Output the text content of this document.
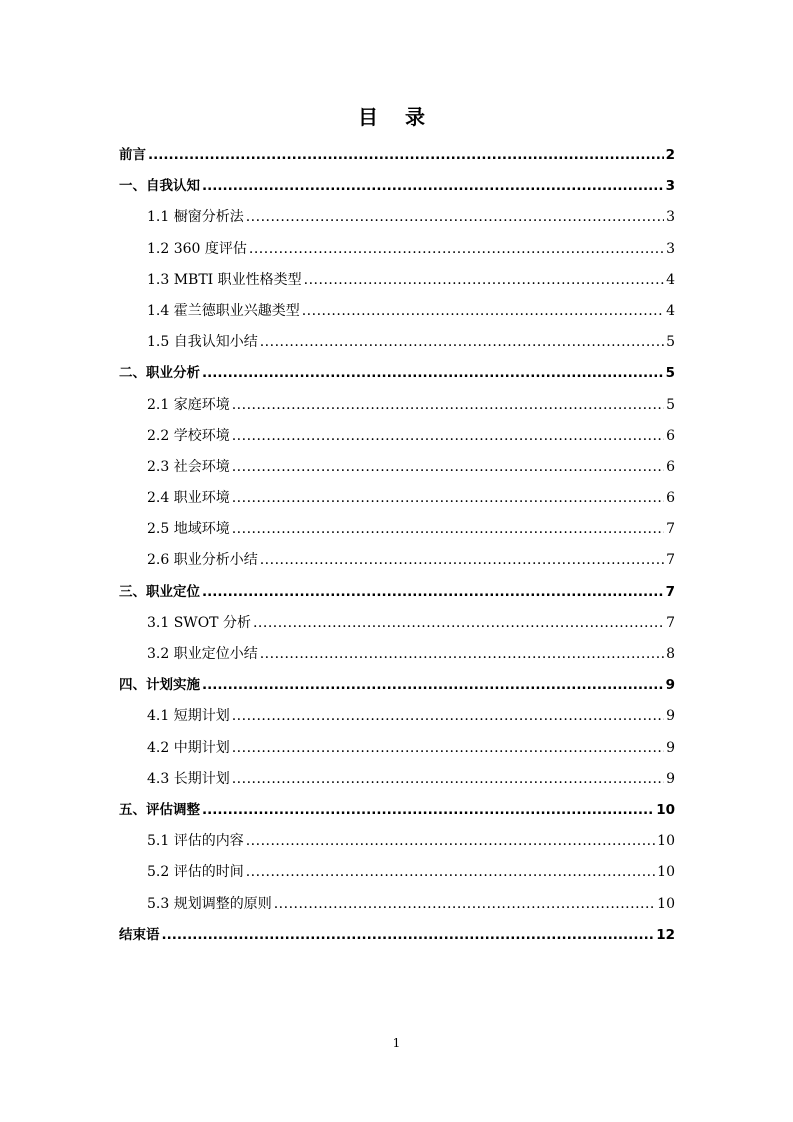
目 录
前言 .....	2
一、自我认知 .....	3
1.1 橱窗分析法 .....	3
1.2 360 度评估 .....	3
1.3 MBTI 职业性格类型 .....	4
1.4 霍兰德职业兴趣类型 .....	4
1.5 自我认知小结 .....	5
二、职业分析 .....	5
2.1 家庭环境 .....	5
2.2 学校环境 .....	6
2.3 社会环境 .....	6
2.4 职业环境 .....	6
2.5 地域环境 .....	7
2.6 职业分析小结 .....	7
三、职业定位 .....	7
3.1 SWOT 分析 .....	7
3.2 职业定位小结 .....	8
四、计划实施 .....	9
4.1 短期计划 .....	9
4.2 中期计划 .....	9
4.3 长期计划 .....	9
五、评估调整 .....	10
5.1 评估的内容 .....	10
5.2 评估的时间 .....	10
5.3 规划调整的原则 .....	10
结束语 .....	12
1
